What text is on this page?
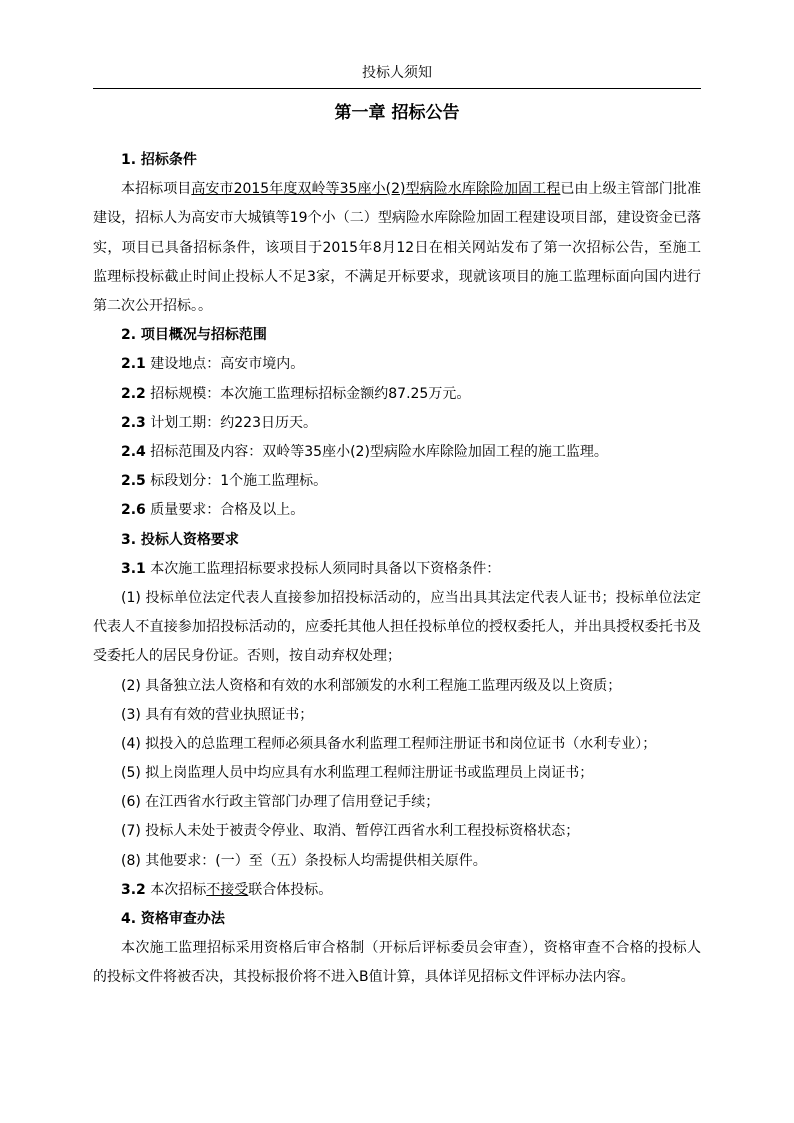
投标人须知
第一章 招标公告
1. 招标条件

本招标项目高安市2015年度双岭等35座小(2)型病险水库除险加固工程已由上级主管部门批准建设，招标人为高安市大城镇等19个小（二）型病险水库除险加固工程建设项目部，建设资金已落实，项目已具备招标条件，该项目于2015年8月12日在相关网站发布了第一次招标公告，至施工监理标投标截止时间止投标人不足3家，不满足开标要求，现就该项目的施工监理标面向国内进行第二次公开招标。。

2. 项目概况与招标范围
2.1 建设地点：高安市境内。
2.2 招标规模：本次施工监理标招标金额约87.25万元。
2.3 计划工期：约223日历天。
2.4 招标范围及内容：双岭等35座小(2)型病险水库除险加固工程的施工监理。
2.5 标段划分：1个施工监理标。
2.6 质量要求：合格及以上。
3. 投标人资格要求
3.1 本次施工监理招标要求投标人须同时具备以下资格条件：

(1) 投标单位法定代表人直接参加招投标活动的，应当出具其法定代表人证书；投标单位法定代表人不直接参加招投标活动的，应委托其他人担任投标单位的授权委托人，并出具授权委托书及受委托人的居民身份证。否则，按自动弃权处理；

(2) 具备独立法人资格和有效的水利部颁发的水利工程施工监理丙级及以上资质；
(3) 具有有效的营业执照证书；
(4) 拟投入的总监理工程师必须具备水利监理工程师注册证书和岗位证书（水利专业）；
(5) 拟上岗监理人员中均应具有水利监理工程师注册证书或监理员上岗证书；
(6) 在江西省水行政主管部门办理了信用登记手续；
(7) 投标人未处于被责令停业、取消、暂停江西省水利工程投标资格状态；
(8) 其他要求：(一）至（五）条投标人均需提供相关原件。
3.2 本次招标不接受联合体投标。
4. 资格审查办法

本次施工监理招标采用资格后审合格制（开标后评标委员会审查），资格审查不合格的投标人的投标文件将被否决，其投标报价将不进入B值计算，具体详见招标文件评标办法内容。
